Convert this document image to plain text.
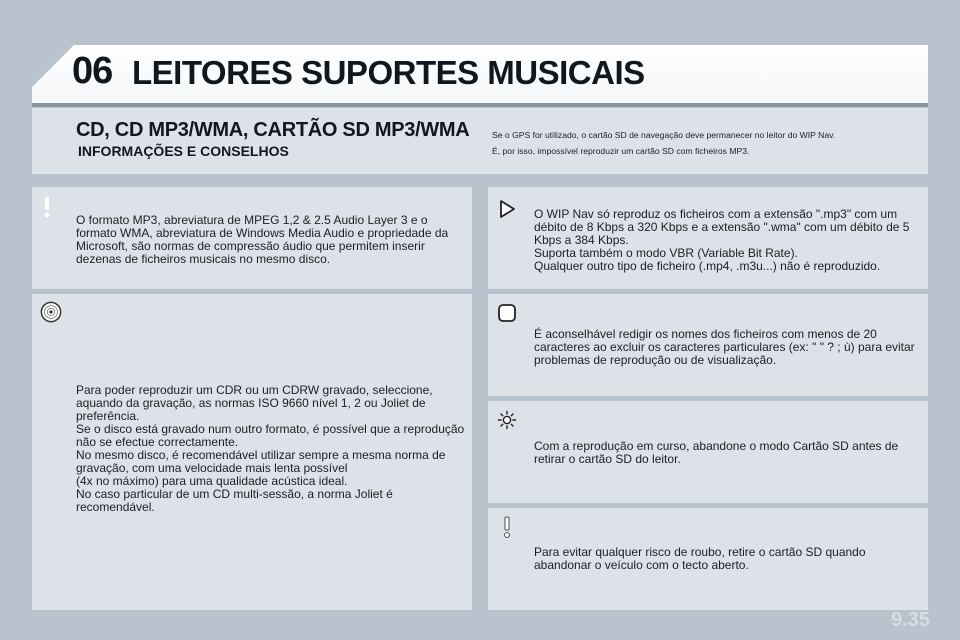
06 LEITORES SUPORTES MUSICAIS
CD, CD MP3/WMA, CARTÃO SD MP3/WMA
INFORMAÇÕES E CONSELHOS
Se o GPS for utilizado, o cartão SD de navegação deve permanecer no leitor do WIP Nav.
É, por isso, impossível reproduzir um cartão SD com ficheiros MP3.
O formato MP3, abreviatura de MPEG 1,2 & 2.5 Audio Layer 3 e o formato WMA, abreviatura de Windows Media Audio e propriedade da Microsoft, são normas de compressão áudio que permitem inserir dezenas de ficheiros musicais no mesmo disco.
Para poder reproduzir um CDR ou um CDRW gravado, seleccione, aquando da gravação, as normas ISO 9660 nível 1, 2 ou Joliet de preferência.
Se o disco está gravado num outro formato, é possível que a reprodução não se efectue correctamente.
No mesmo disco, é recomendável utilizar sempre a mesma norma de gravação, com uma velocidade mais lenta possível
(4x no máximo) para uma qualidade acústica ideal.
No caso particular de um CD multi-sessão, a norma Joliet é recomendável.
O WIP Nav só reproduz os ficheiros com a extensão ".mp3" com um débito de 8 Kbps a 320 Kbps e a extensão ".wma" com um débito de 5 Kbps a 384 Kbps.
Suporta também o modo VBR (Variable Bit Rate).
Qualquer outro tipo de ficheiro (.mp4, .m3u...) não é reproduzido.
É aconselhável redigir os nomes dos ficheiros com menos de 20 caracteres ao excluir os caracteres particulares (ex: " " ? ; ù) para evitar problemas de reprodução ou de visualização.
Com a reprodução em curso, abandone o modo Cartão SD antes de retirar o cartão SD do leitor.
Para evitar qualquer risco de roubo, retire o cartão SD quando abandonar o veículo com o tecto aberto.
9.35
